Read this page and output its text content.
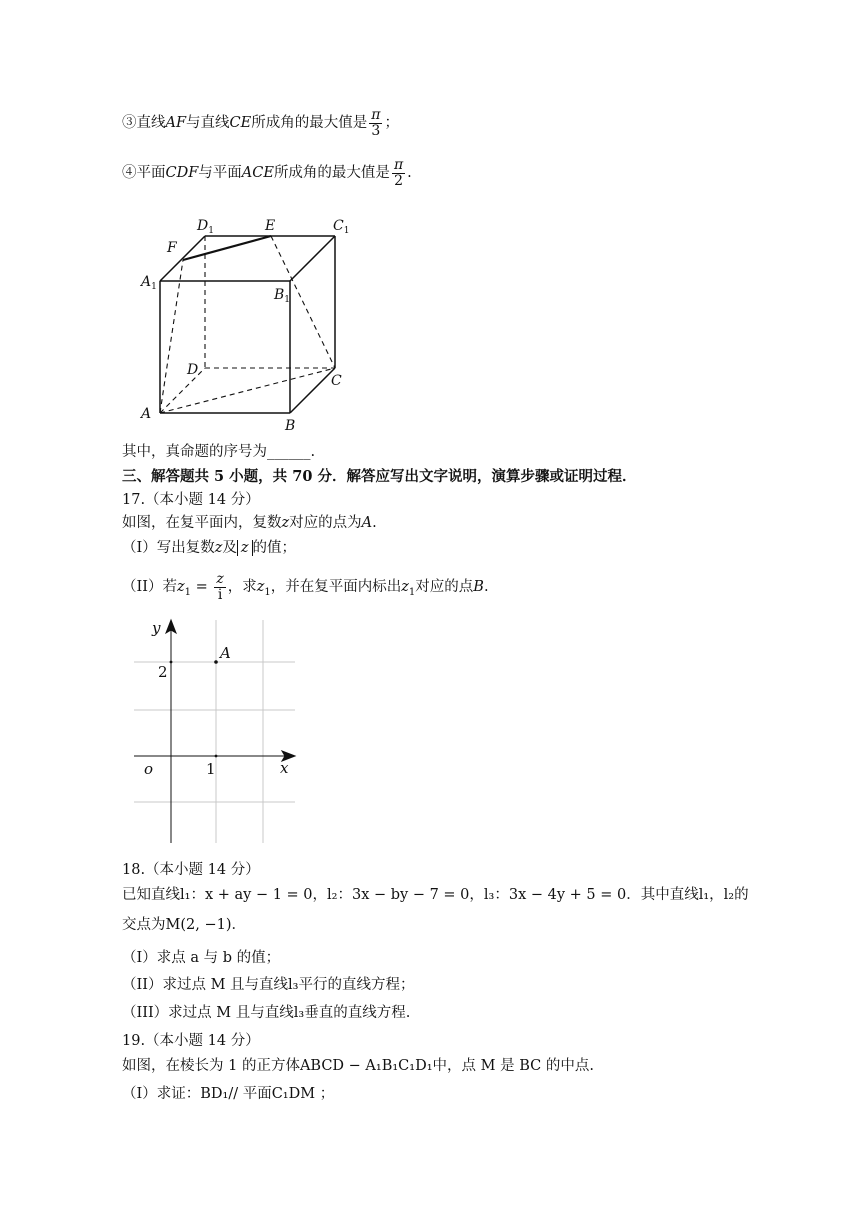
③直线AF与直线CE所成角的最大值是 $\frac{\pi}{3}$ ；
④平面CDF与平面ACE所成角的最大值是 $\frac{\pi}{2}$ .
$D_1$	E	$C_1$
F
$A_1$	$B_1$
D
C
A
B
其中，真命题的序号为______.
三、解答题共 5 小题，共 70 分．解答应写出文字说明，演算步骤或证明过程．
17.（本小题 14 分）
如图，在复平面内，复数z对应的点为A.
（I）写出复数z及 z 的值；
（II）若$z_1 = \frac{z}{i}$ ，求$z_1$，并在复平面内标出$z_1$对应的点B.
y
x
o
2
1
A
18.（本小题 14 分）
已知直线l₁：x + ay − 1 = 0，l₂：3x − by − 7 = 0，l₃：3x − 4y + 5 = 0．其中直线l₁，l₂的
交点为M(2, −1)．
（I）求点 a 与 b 的值；
（II）求过点 M 且与直线l₃平行的直线方程；
（III）求过点 M 且与直线l₃垂直的直线方程.
19.（本小题 14 分）
如图，在棱长为 1 的正方体ABCD − A₁B₁C₁D₁中，点 M 是 BC 的中点.
（I）求证：BD₁// 平面C₁DM ；
